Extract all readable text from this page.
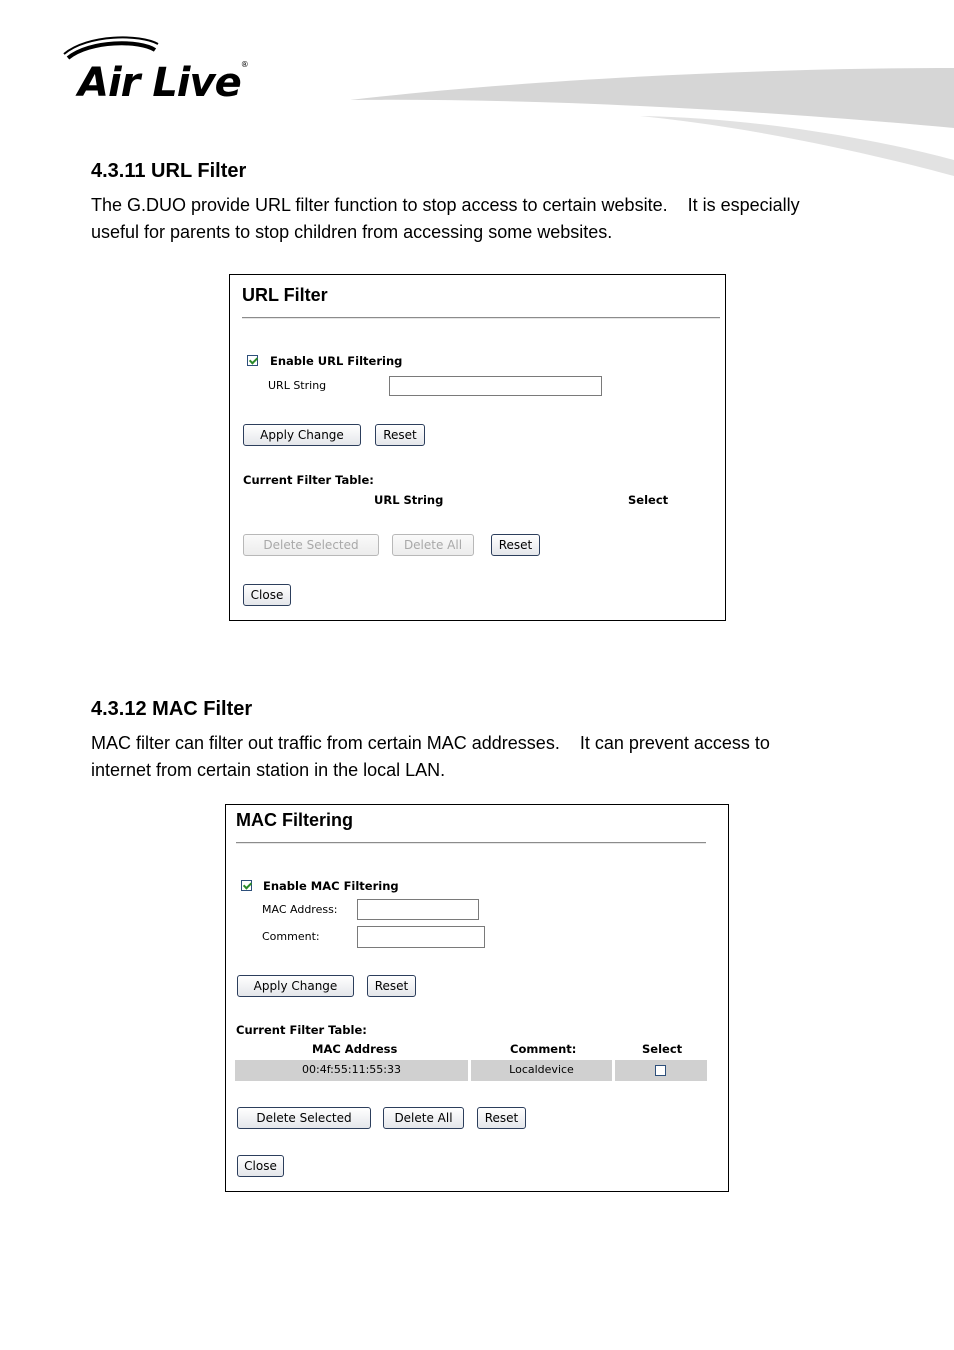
Air Live®
4.3.11 URL Filter
The G.DUO provide URL filter function to stop access to certain website.    It is especially
useful for parents to stop children from accessing some websites.
URL Filter
Enable URL Filtering
URL String
Apply Change	Reset
Current Filter Table:
URL String	Select
Delete Selected	Delete All	Reset
Close
4.3.12 MAC Filter
MAC filter can filter out traffic from certain MAC addresses.    It can prevent access to
internet from certain station in the local LAN.
MAC Filtering
Enable MAC Filtering
MAC Address:
Comment:
Apply Change	Reset
Current Filter Table:
MAC Address	Comment:	Select
00:4f:55:11:55:33	Localdevice
Delete Selected	Delete All	Reset
Close
